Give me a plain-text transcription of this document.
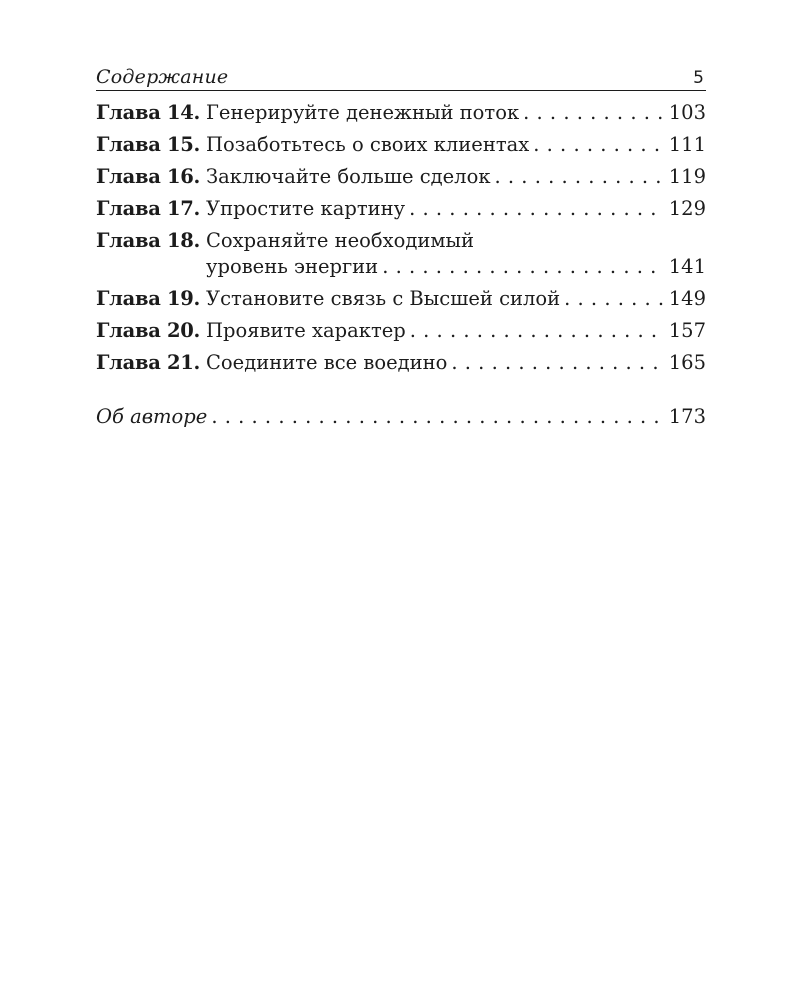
Содержание	5
Глава 14. Генерируйте денежный поток . . .	103
Глава 15. Позаботьтесь о своих клиентах . . .	111
Глава 16. Заключайте больше сделок . . .	119
Глава 17. Упростите картину . . .	129
Глава 18. Сохраняйте необходимый
уровень энергии . . .	141
Глава 19. Установите связь с Высшей силой . . .	149
Глава 20. Проявите характер . . .	157
Глава 21. Соедините все воедино . . .	165
Об авторе . . .	173
